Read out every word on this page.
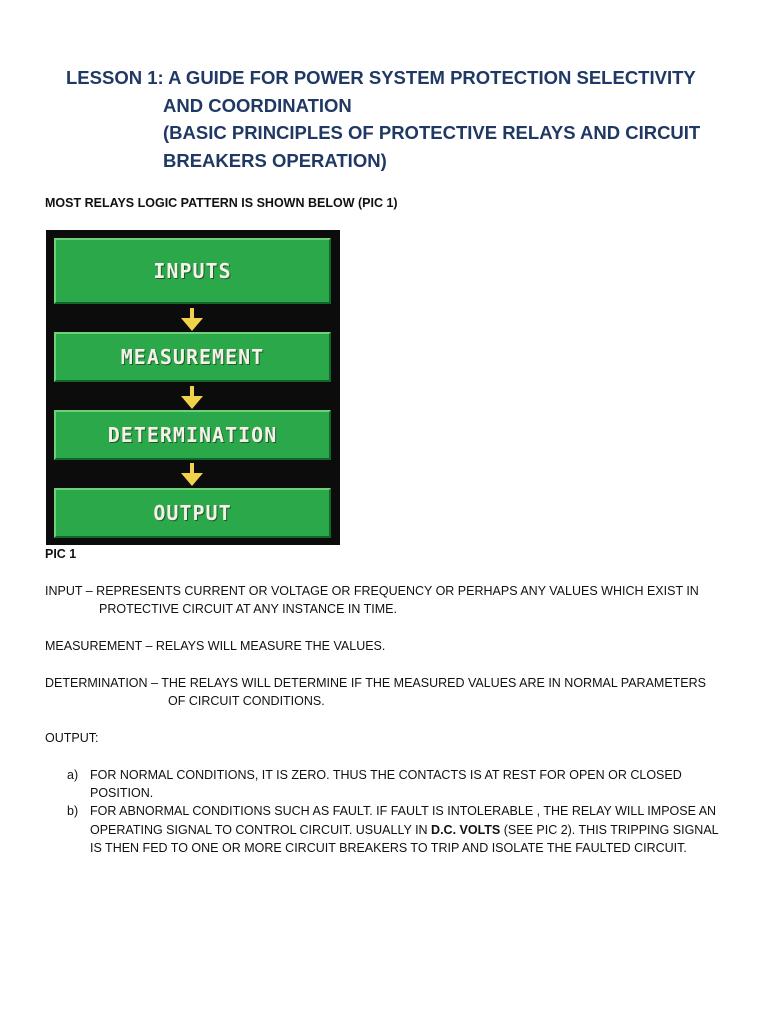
LESSON 1: A GUIDE FOR POWER SYSTEM PROTECTION SELECTIVITY
AND COORDINATION
(BASIC PRINCIPLES OF PROTECTIVE RELAYS AND CIRCUIT
BREAKERS OPERATION)
MOST RELAYS LOGIC PATTERN IS SHOWN BELOW (PIC 1)
INPUTS
MEASUREMENT
DETERMINATION
OUTPUT
PIC 1
INPUT – REPRESENTS CURRENT OR VOLTAGE OR FREQUENCY OR PERHAPS ANY VALUES WHICH EXIST IN
PROTECTIVE CIRCUIT AT ANY INSTANCE IN TIME.
MEASUREMENT – RELAYS WILL MEASURE THE VALUES.
DETERMINATION – THE RELAYS WILL DETERMINE IF THE MEASURED VALUES ARE IN NORMAL PARAMETERS
OF CIRCUIT CONDITIONS.
OUTPUT:
a) FOR NORMAL CONDITIONS, IT IS ZERO. THUS THE CONTACTS IS AT REST FOR OPEN OR CLOSED
POSITION.
b) FOR ABNORMAL CONDITIONS SUCH AS FAULT. IF FAULT IS INTOLERABLE , THE RELAY WILL IMPOSE AN
OPERATING SIGNAL TO CONTROL CIRCUIT. USUALLY IN D.C. VOLTS (SEE PIC 2). THIS TRIPPING SIGNAL
IS THEN FED TO ONE OR MORE CIRCUIT BREAKERS TO TRIP AND ISOLATE THE FAULTED CIRCUIT.
